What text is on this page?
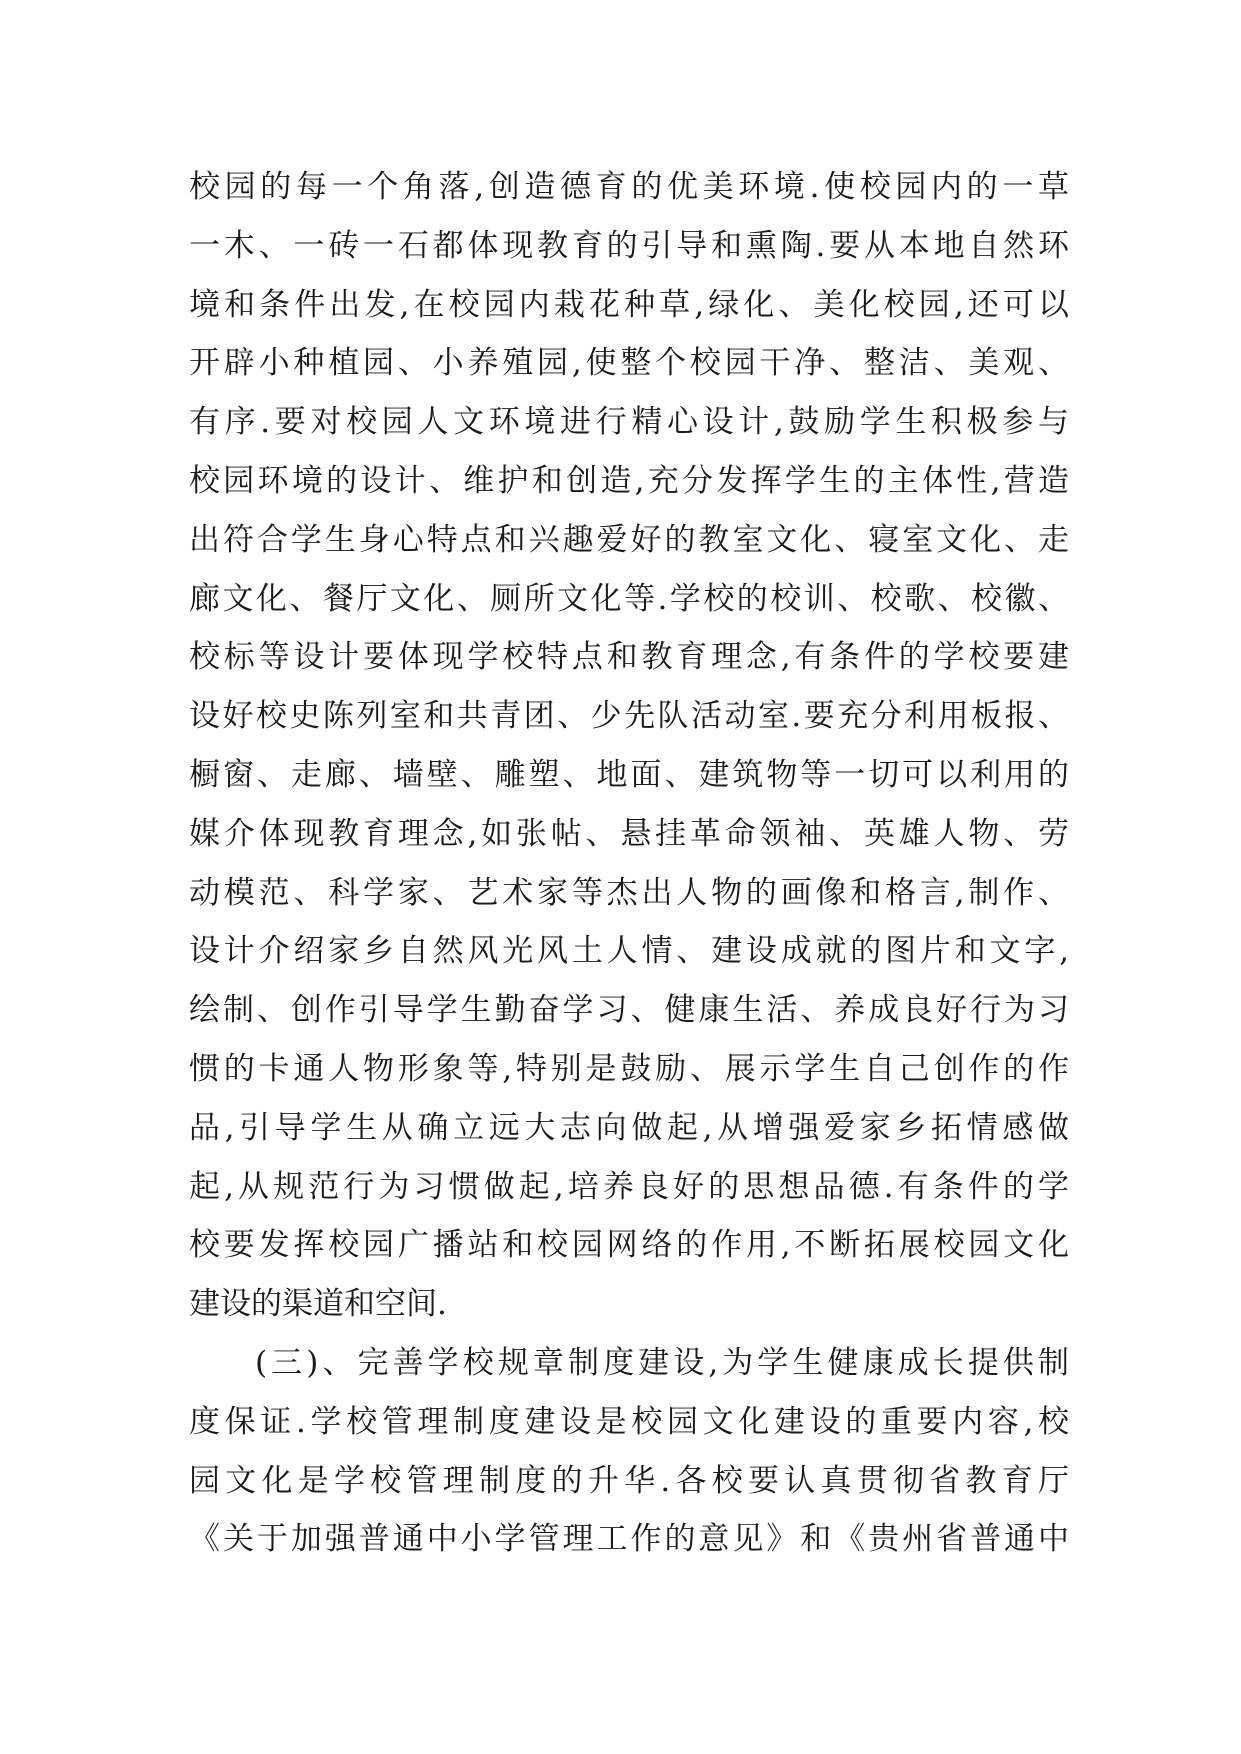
校园的每一个角落,创造德育的优美环境.使校园内的一草
一木、一砖一石都体现教育的引导和熏陶.要从本地自然环
境和条件出发,在校园内栽花种草,绿化、美化校园,还可以
开辟小种植园、小养殖园,使整个校园干净、整洁、美观、
有序.要对校园人文环境进行精心设计,鼓励学生积极参与
校园环境的设计、维护和创造,充分发挥学生的主体性,营造
出符合学生身心特点和兴趣爱好的教室文化、寝室文化、走
廊文化、餐厅文化、厕所文化等.学校的校训、校歌、校徽、
校标等设计要体现学校特点和教育理念,有条件的学校要建
设好校史陈列室和共青团、少先队活动室.要充分利用板报、
橱窗、走廊、墙壁、雕塑、地面、建筑物等一切可以利用的
媒介体现教育理念,如张帖、悬挂革命领袖、英雄人物、劳
动模范、科学家、艺术家等杰出人物的画像和格言,制作、
设计介绍家乡自然风光风土人情、建设成就的图片和文字,
绘制、创作引导学生勤奋学习、健康生活、养成良好行为习
惯的卡通人物形象等,特别是鼓励、展示学生自己创作的作
品,引导学生从确立远大志向做起,从增强爱家乡拓情感做
起,从规范行为习惯做起,培养良好的思想品德.有条件的学
校要发挥校园广播站和校园网络的作用,不断拓展校园文化
建设的渠道和空间.
(三)、完善学校规章制度建设,为学生健康成长提供制
度保证.学校管理制度建设是校园文化建设的重要内容,校
园文化是学校管理制度的升华.各校要认真贯彻省教育厅
《关于加强普通中小学管理工作的意见》和《贵州省普通中
